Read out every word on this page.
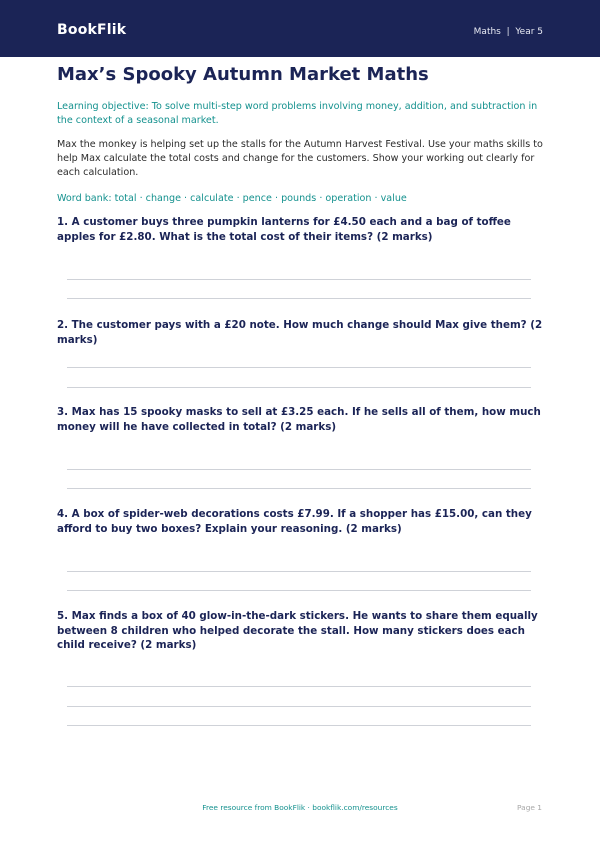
BookFlik	Maths  |  Year 5
Max’s Spooky Autumn Market Maths
Learning objective: To solve multi-step word problems involving money, addition, and subtraction in the context of a seasonal market.
Max the monkey is helping set up the stalls for the Autumn Harvest Festival. Use your maths skills to help Max calculate the total costs and change for the customers. Show your working out clearly for each calculation.
Word bank: total · change · calculate · pence · pounds · operation · value
1. A customer buys three pumpkin lanterns for £4.50 each and a bag of toffee apples for £2.80. What is the total cost of their items? (2 marks)
2. The customer pays with a £20 note. How much change should Max give them? (2 marks)
3. Max has 15 spooky masks to sell at £3.25 each. If he sells all of them, how much money will he have collected in total? (2 marks)
4. A box of spider-web decorations costs £7.99. If a shopper has £15.00, can they afford to buy two boxes? Explain your reasoning. (2 marks)
5. Max finds a box of 40 glow-in-the-dark stickers. He wants to share them equally between 8 children who helped decorate the stall. How many stickers does each child receive? (2 marks)
Free resource from BookFlik · bookflik.com/resources	Page 1
